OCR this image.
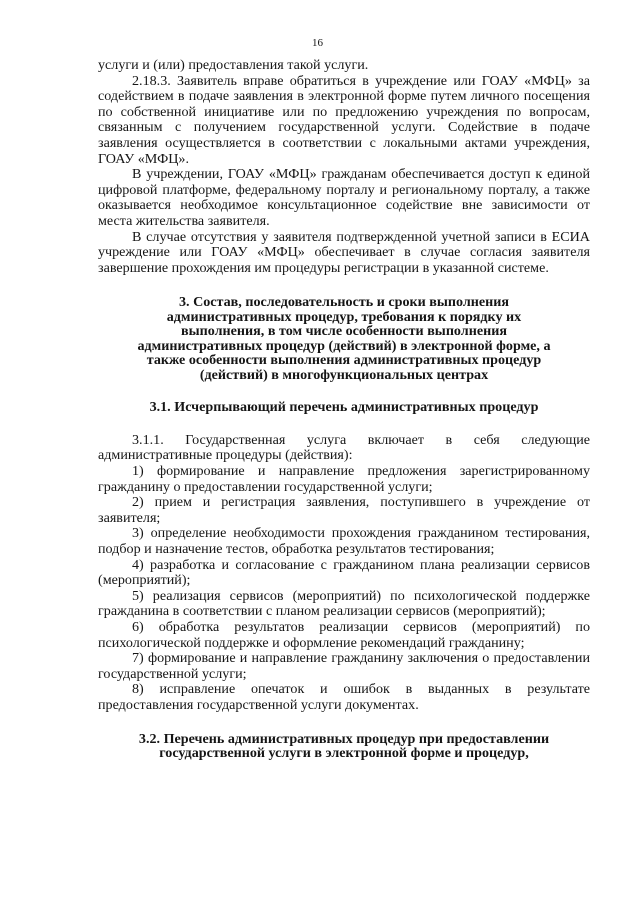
16

услуги и (или) предоставления такой услуги.

2.18.3. Заявитель вправе обратиться в учреждение или ГОАУ «МФЦ» за содействием в подаче заявления в электронной форме путем личного посещения по собственной инициативе или по предложению учреждения по вопросам, связанным с получением государственной услуги. Содействие в подаче заявления осуществляется в соответствии с локальными актами учреждения, ГОАУ «МФЦ».

В учреждении, ГОАУ «МФЦ» гражданам обеспечивается доступ к единой цифровой платформе, федеральному порталу и региональному порталу, а также оказывается необходимое консультационное содействие вне зависимости от места жительства заявителя.

В случае отсутствия у заявителя подтвержденной учетной записи в ЕСИА учреждение или ГОАУ «МФЦ» обеспечивает в случае согласия заявителя завершение прохождения им процедуры регистрации в указанной системе.

3. Состав, последовательность и сроки выполнения административных процедур, требования к порядку их выполнения, в том числе особенности выполнения административных процедур (действий) в электронной форме, а также особенности выполнения административных процедур (действий) в многофункциональных центрах

3.1. Исчерпывающий перечень административных процедур

3.1.1. Государственная услуга включает в себя следующие административные процедуры (действия):

1) формирование и направление предложения зарегистрированному гражданину о предоставлении государственной услуги;

2) прием и регистрация заявления, поступившего в учреждение от заявителя;

3) определение необходимости прохождения гражданином тестирования, подбор и назначение тестов, обработка результатов тестирования;

4) разработка и согласование с гражданином плана реализации сервисов (мероприятий);

5) реализация сервисов (мероприятий) по психологической поддержке гражданина в соответствии с планом реализации сервисов (мероприятий);

6) обработка результатов реализации сервисов (мероприятий) по психологической поддержке и оформление рекомендаций гражданину;

7) формирование и направление гражданину заключения о предоставлении государственной услуги;

8) исправление опечаток и ошибок в выданных в результате предоставления государственной услуги документах.

3.2. Перечень административных процедур при предоставлении государственной услуги в электронной форме и процедур,
